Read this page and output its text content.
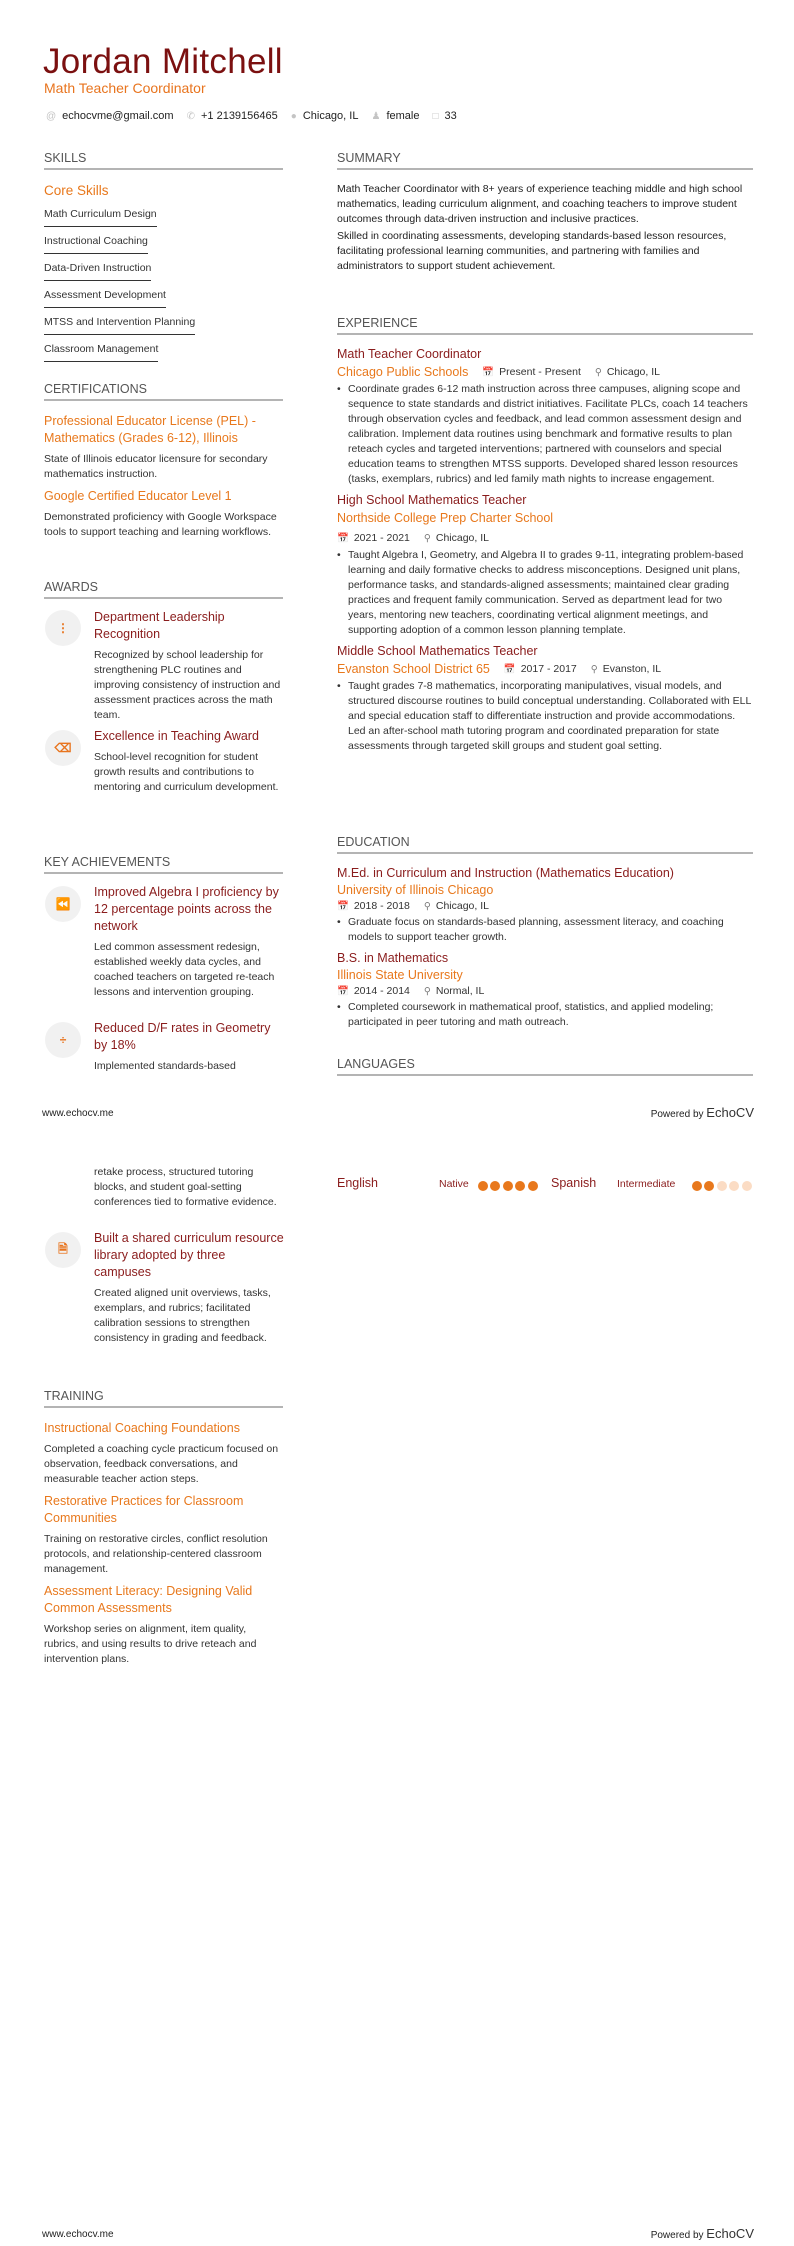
Jordan Mitchell
Math Teacher Coordinator
@ echocvme@gmail.com ✆ +1 2139156465 ● Chicago, IL ♟ female □ 33
SKILLS
Core Skills
Math Curriculum Design
Instructional Coaching
Data-Driven Instruction
Assessment Development
MTSS and Intervention Planning
Classroom Management
CERTIFICATIONS
Professional Educator License (PEL) - Mathematics (Grades 6-12), Illinois
State of Illinois educator licensure for secondary mathematics instruction.
Google Certified Educator Level 1
Demonstrated proficiency with Google Workspace tools to support teaching and learning workflows.
AWARDS
⋮
Department Leadership Recognition
Recognized by school leadership for strengthening PLC routines and improving consistency of instruction and assessment practices across the math team.
⌫
Excellence in Teaching Award
School-level recognition for student growth results and contributions to mentoring and curriculum development.
KEY ACHIEVEMENTS
⏪
Improved Algebra I proficiency by 12 percentage points across the network
Led common assessment redesign, established weekly data cycles, and coached teachers on targeted re-teach lessons and intervention grouping.
÷
Reduced D/F rates in Geometry by 18%
Implemented standards-based
retake process, structured tutoring blocks, and student goal-setting conferences tied to formative evidence.
🗎
Built a shared curriculum resource library adopted by three campuses
Created aligned unit overviews, tasks, exemplars, and rubrics; facilitated calibration sessions to strengthen consistency in grading and feedback.
TRAINING
Instructional Coaching Foundations
Completed a coaching cycle practicum focused on observation, feedback conversations, and measurable teacher action steps.
Restorative Practices for Classroom Communities
Training on restorative circles, conflict resolution protocols, and relationship-centered classroom management.
Assessment Literacy: Designing Valid Common Assessments
Workshop series on alignment, item quality, rubrics, and using results to drive reteach and intervention plans.
SUMMARY

Math Teacher Coordinator with 8+ years of experience teaching middle and high school mathematics, leading curriculum alignment, and coaching teachers to improve student outcomes through data-driven instruction and inclusive practices.

Skilled in coordinating assessments, developing standards-based lesson resources, facilitating professional learning communities, and partnering with families and administrators to support student achievement.

EXPERIENCE
Math Teacher Coordinator
Chicago Public Schools 📅 Present - Present ⚲ Chicago, IL
• Coordinate grades 6-12 math instruction across three campuses, aligning scope and sequence to state standards and district initiatives. Facilitate PLCs, coach 14 teachers through observation cycles and feedback, and lead common assessment design and calibration. Implement data routines using benchmark and formative results to plan reteach cycles and targeted interventions; partnered with counselors and special education teams to strengthen MTSS supports. Developed shared lesson resources (tasks, exemplars, rubrics) and led family math nights to increase engagement.
High School Mathematics Teacher
Northside College Prep Charter School
📅 2021 - 2021 ⚲ Chicago, IL
• Taught Algebra I, Geometry, and Algebra II to grades 9-11, integrating problem-based learning and daily formative checks to address misconceptions. Designed unit plans, performance tasks, and standards-aligned assessments; maintained clear grading practices and frequent family communication. Served as department lead for two years, mentoring new teachers, coordinating vertical alignment meetings, and supporting adoption of a common lesson planning template.
Middle School Mathematics Teacher
Evanston School District 65 📅 2017 - 2017 ⚲ Evanston, IL
• Taught grades 7-8 mathematics, incorporating manipulatives, visual models, and structured discourse routines to build conceptual understanding. Collaborated with ELL and special education staff to differentiate instruction and provide accommodations. Led an after-school math tutoring program and coordinated preparation for state assessments through targeted skill groups and student goal setting.
EDUCATION
M.Ed. in Curriculum and Instruction (Mathematics Education)
University of Illinois Chicago
📅 2018 - 2018 ⚲ Chicago, IL
• Graduate focus on standards-based planning, assessment literacy, and coaching models to support teacher growth.
B.S. in Mathematics
Illinois State University
📅 2014 - 2014 ⚲ Normal, IL
• Completed coursework in mathematical proof, statistics, and applied modeling; participated in peer tutoring and math outreach.
LANGUAGES
English	Native	Spanish Intermediate
www.echocv.me	Powered by EchoCV
www.echocv.me	Powered by EchoCV
